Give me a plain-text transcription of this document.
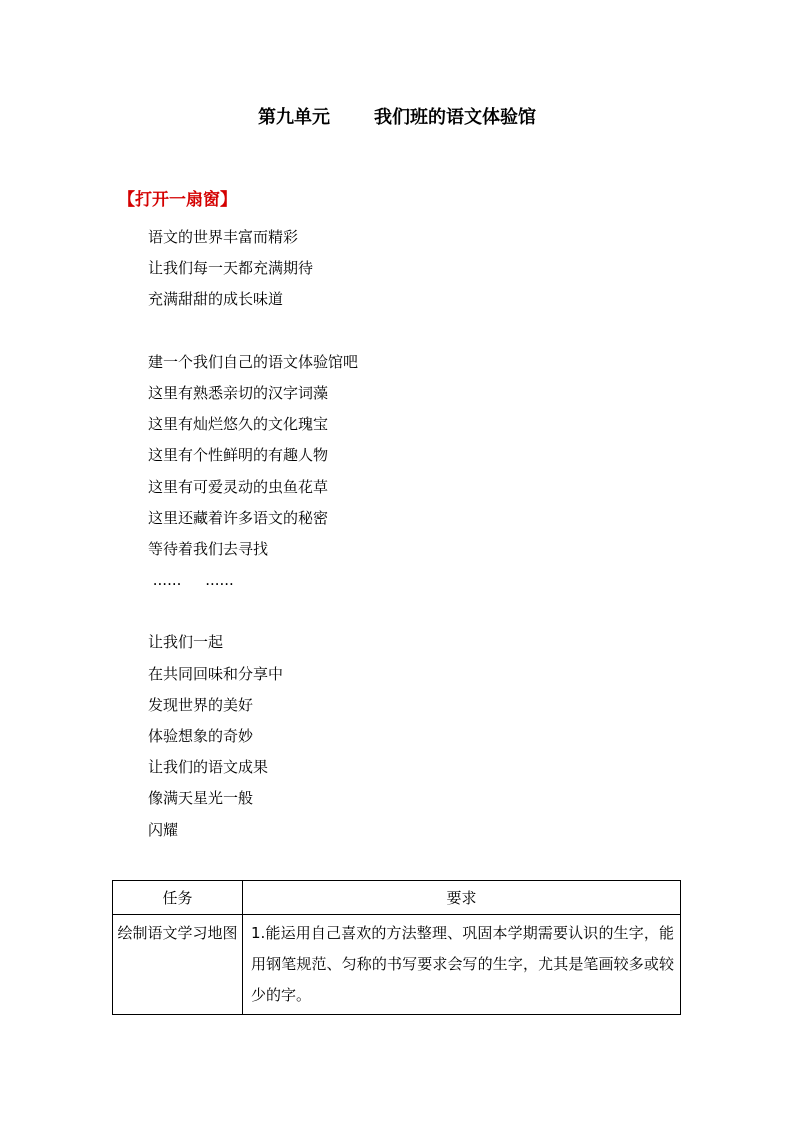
第九单元 我们班的语文体验馆
【打开一扇窗】
语文的世界丰富而精彩
让我们每一天都充满期待
充满甜甜的成长味道
建一个我们自己的语文体验馆吧
这里有熟悉亲切的汉字词藻
这里有灿烂悠久的文化瑰宝
这里有个性鲜明的有趣人物
这里有可爱灵动的虫鱼花草
这里还藏着许多语文的秘密
等待着我们去寻找
......     ......
让我们一起
在共同回味和分享中
发现世界的美好
体验想象的奇妙
让我们的语文成果
像满天星光一般
闪耀
任务	要求
绘制语文学习地图	1.能运用自己喜欢的方法整理、巩固本学期需要认识的生字，能用钢笔规范、匀称的书写要求会写的生字，尤其是笔画较多或较少的字。
